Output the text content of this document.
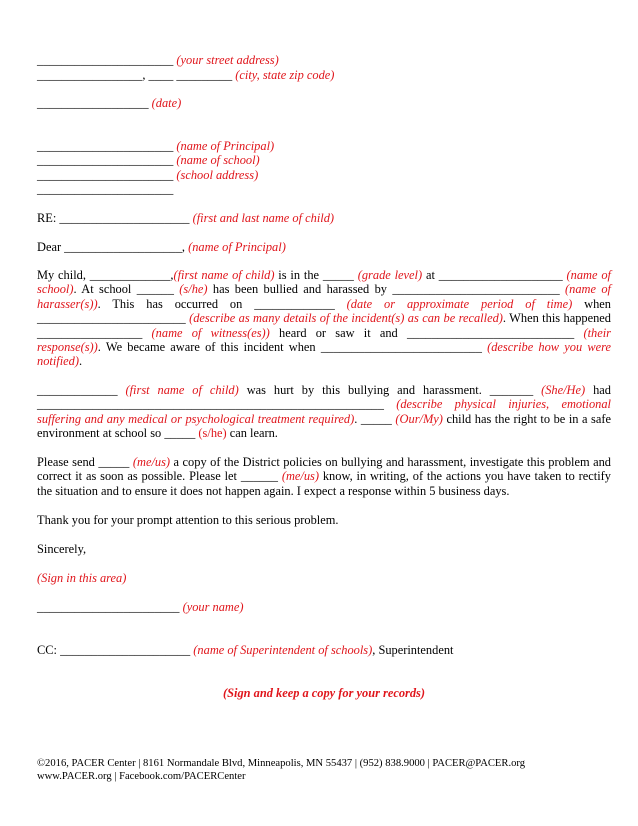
______________________ (your street address)
_________________, ____ _________ (city, state zip code)
__________________ (date)
______________________ (name of Principal)
______________________ (name of school)
______________________ (school address)
______________________
RE: _____________________ (first and last name of child)
Dear ___________________, (name of Principal)
My child, _____________,(first name of child) is in the _____ (grade level) at ____________________ (name of school). At school ______ (s/he) has been bullied and harassed by ___________________________ (name of harasser(s)). This has occurred on _____________ (date or approximate period of time) when ________________________ (describe as many details of the incident(s) as can be recalled). When this happened _________________ (name of witness(es)) heard or saw it and ___________________________ (their response(s)). We became aware of this incident when __________________________ (describe how you were notified).
_____________ (first name of child) was hurt by this bullying and harassment. _______ (She/He) had ________________________________________________________ (describe physical injuries, emotional suffering and any medical or psychological treatment required). _____ (Our/My) child has the right to be in a safe environment at school so _____ (s/he) can learn.
Please send _____ (me/us) a copy of the District policies on bullying and harassment, investigate this problem and correct it as soon as possible. Please let ______ (me/us) know, in writing, of the actions you have taken to rectify the situation and to ensure it does not happen again. I expect a response within 5 business days.
Thank you for your prompt attention to this serious problem.
Sincerely,
(Sign in this area)
_______________________ (your name)
CC: _____________________ (name of Superintendent of schools), Superintendent
(Sign and keep a copy for your records)
©2016, PACER Center | 8161 Normandale Blvd, Minneapolis, MN 55437 | (952) 838.9000 | PACER@PACER.org
www.PACER.org | Facebook.com/PACERCenter
